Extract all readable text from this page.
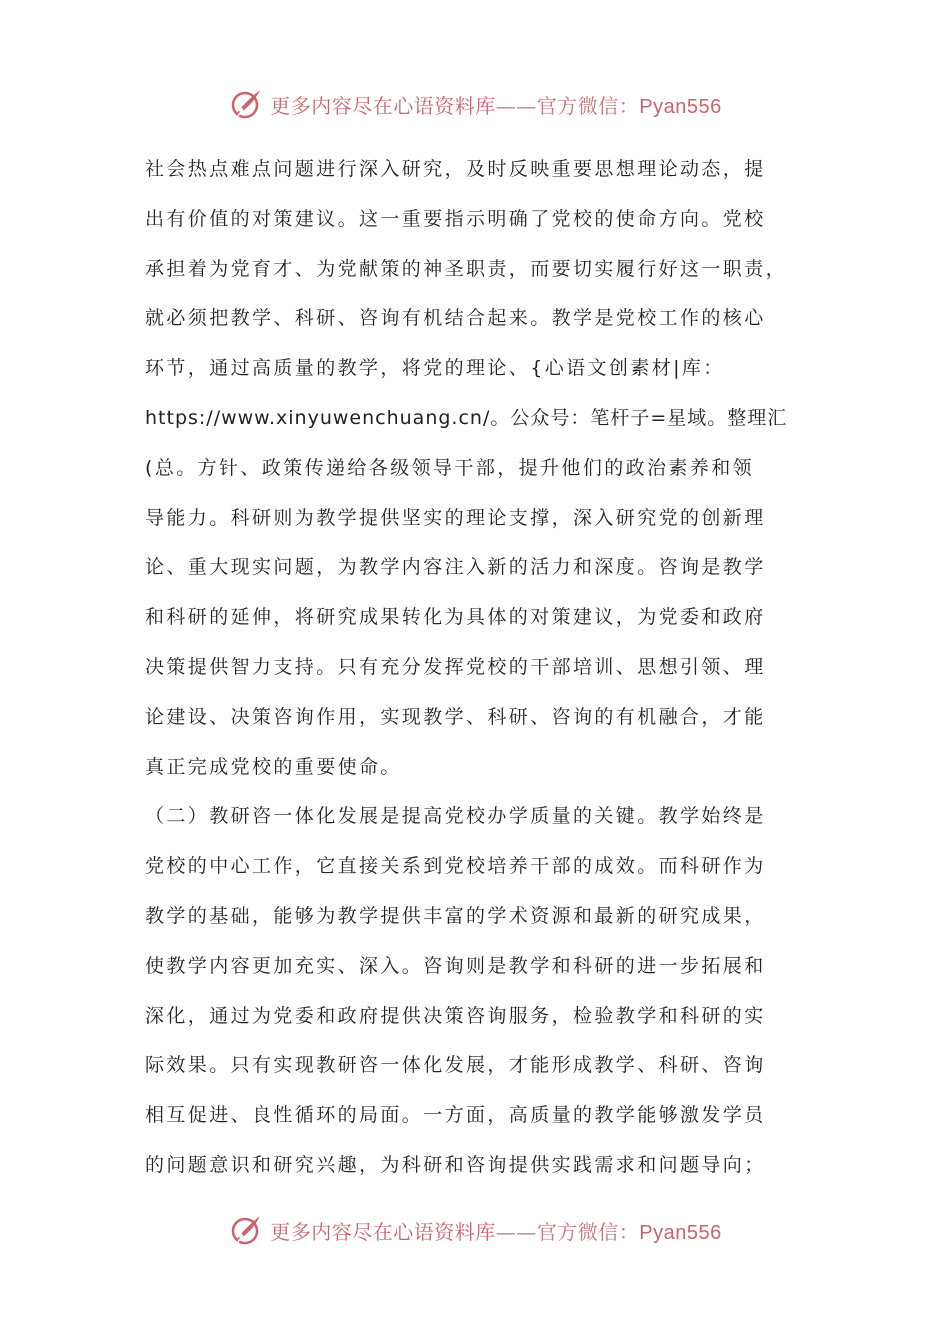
更多内容尽在心语资料库——官方微信：Pyan556
社会热点难点问题进行深入研究，及时反映重要思想理论动态，提
出有价值的对策建议。这一重要指示明确了党校的使命方向。党校
承担着为党育才、为党献策的神圣职责，而要切实履行好这一职责，
就必须把教学、科研、咨询有机结合起来。教学是党校工作的核心
环节，通过高质量的教学，将党的理论、{心语文创素材|库：
https://www.xinyuwenchuang.cn/。公众号：笔杆子=星域。整理汇
(总。方针、政策传递给各级领导干部，提升他们的政治素养和领
导能力。科研则为教学提供坚实的理论支撑，深入研究党的创新理
论、重大现实问题，为教学内容注入新的活力和深度。咨询是教学
和科研的延伸，将研究成果转化为具体的对策建议，为党委和政府
决策提供智力支持。只有充分发挥党校的干部培训、思想引领、理
论建设、决策咨询作用，实现教学、科研、咨询的有机融合，才能
真正完成党校的重要使命。
（二）教研咨一体化发展是提高党校办学质量的关键。教学始终是
党校的中心工作，它直接关系到党校培养干部的成效。而科研作为
教学的基础，能够为教学提供丰富的学术资源和最新的研究成果，
使教学内容更加充实、深入。咨询则是教学和科研的进一步拓展和
深化，通过为党委和政府提供决策咨询服务，检验教学和科研的实
际效果。只有实现教研咨一体化发展，才能形成教学、科研、咨询
相互促进、良性循环的局面。一方面，高质量的教学能够激发学员
的问题意识和研究兴趣，为科研和咨询提供实践需求和问题导向；
更多内容尽在心语资料库——官方微信：Pyan556
